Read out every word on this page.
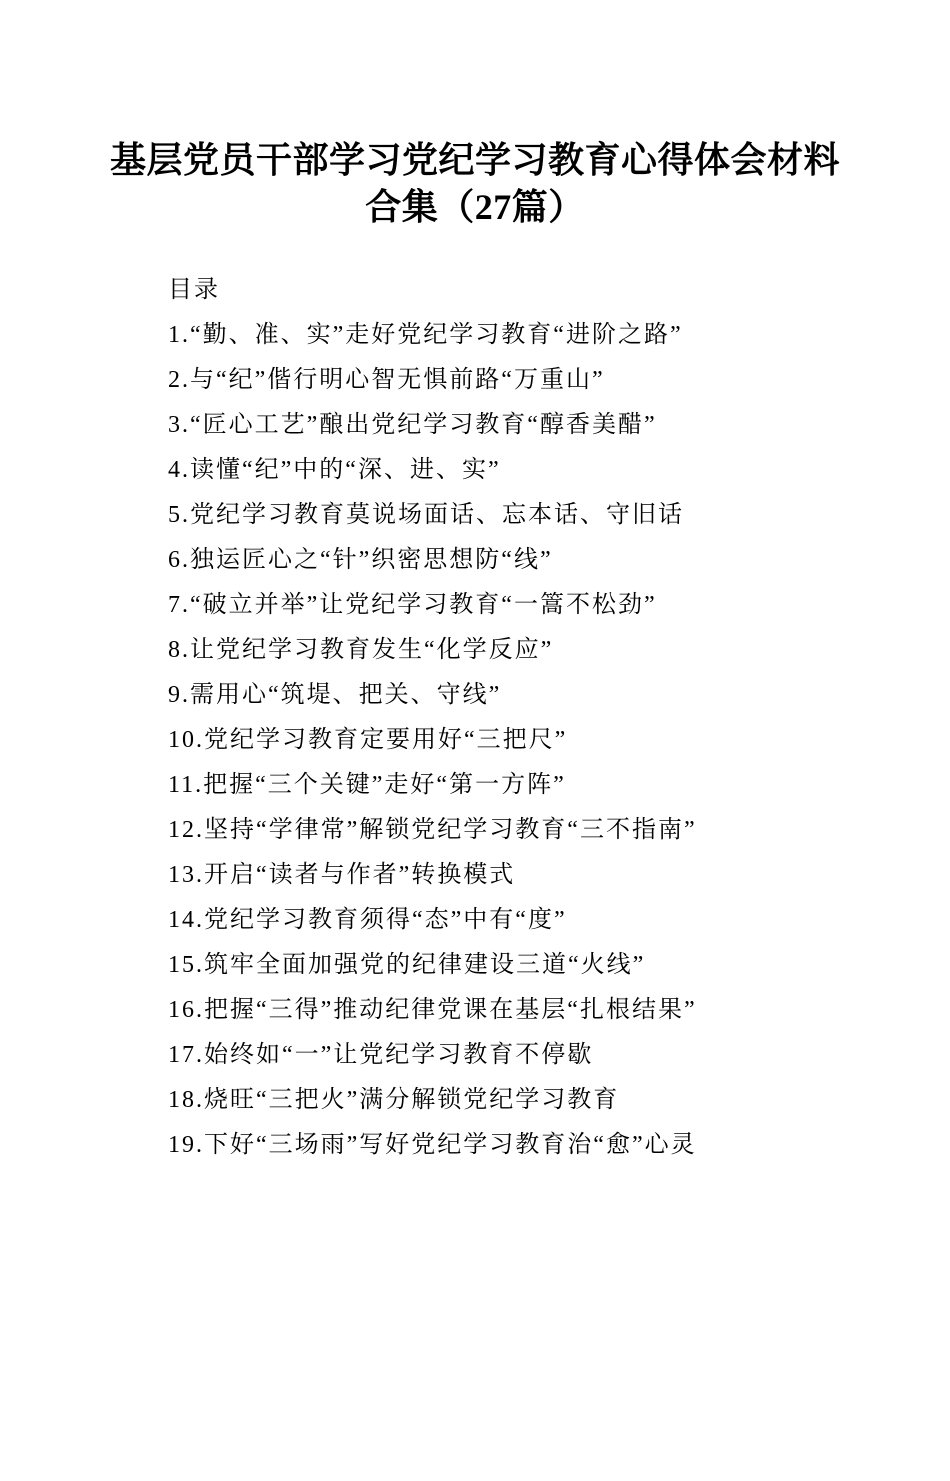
基层党员干部学习党纪学习教育心得体会材料
合集（27篇）
目录
1.“勤、准、实”走好党纪学习教育“进阶之路”
2.与“纪”偕行明心智无惧前路“万重山”
3.“匠心工艺”酿出党纪学习教育“醇香美醋”
4.读懂“纪”中的“深、进、实”
5.党纪学习教育莫说场面话、忘本话、守旧话
6.独运匠心之“针”织密思想防“线”
7.“破立并举”让党纪学习教育“一篙不松劲”
8.让党纪学习教育发生“化学反应”
9.需用心“筑堤、把关、守线”
10.党纪学习教育定要用好“三把尺”
11.把握“三个关键”走好“第一方阵”
12.坚持“学律常”解锁党纪学习教育“三不指南”
13.开启“读者与作者”转换模式
14.党纪学习教育须得“态”中有“度”
15.筑牢全面加强党的纪律建设三道“火线”
16.把握“三得”推动纪律党课在基层“扎根结果”
17.始终如“一”让党纪学习教育不停歇
18.烧旺“三把火”满分解锁党纪学习教育
19.下好“三场雨”写好党纪学习教育治“愈”心灵
